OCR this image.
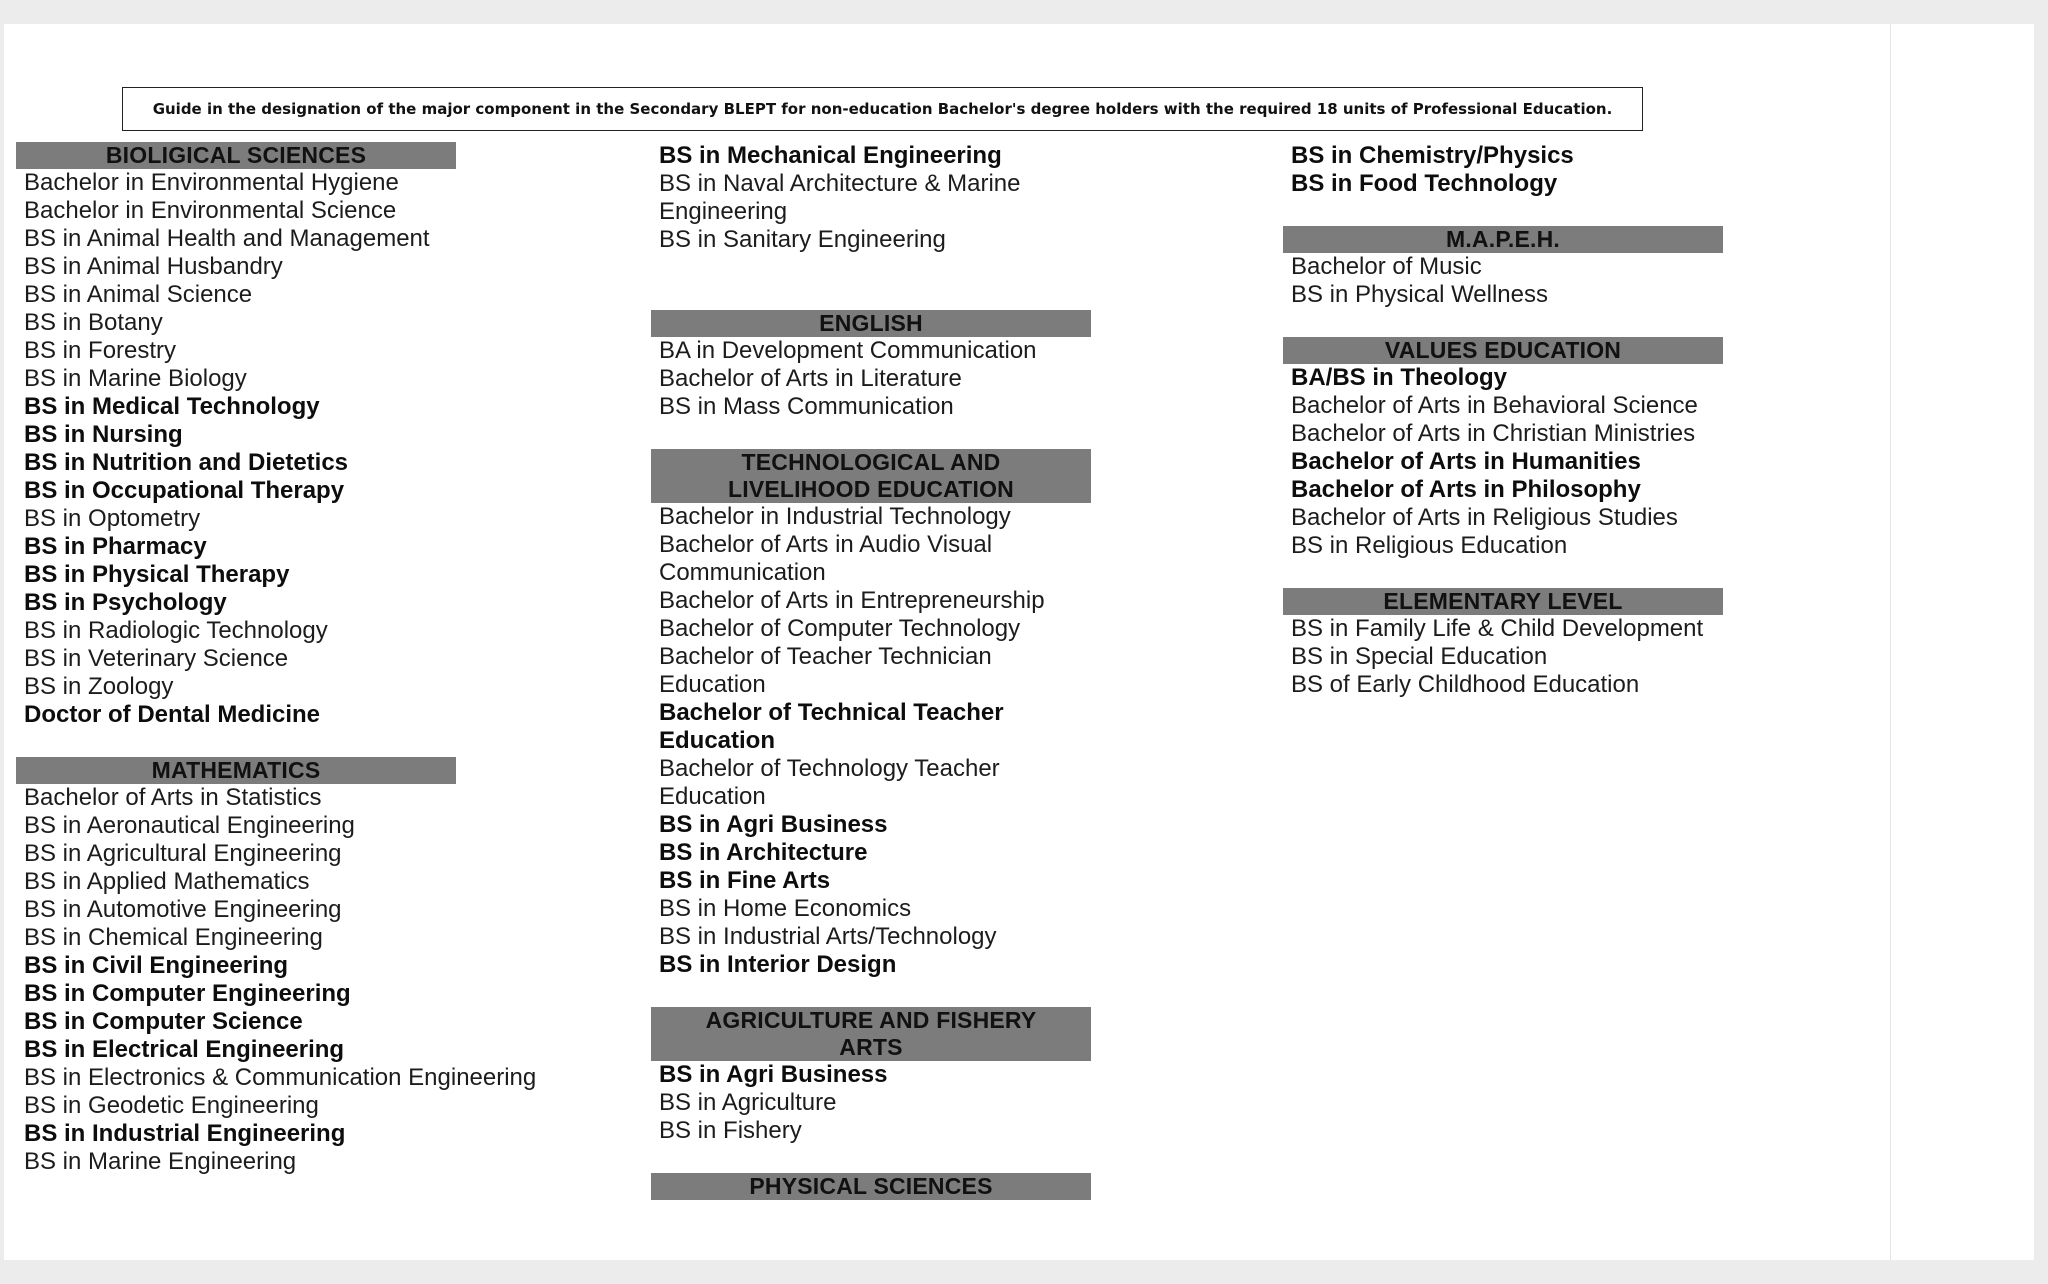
Guide in the designation of the major component in the Secondary BLEPT for non-education Bachelor's degree holders with the required 18 units of Professional Education.
BIOLIGICAL SCIENCES
Bachelor in Environmental Hygiene
Bachelor in Environmental Science
BS in Animal Health and Management
BS in Animal Husbandry
BS in Animal Science
BS in Botany
BS in Forestry
BS in Marine Biology
BS in Medical Technology
BS in Nursing
BS in Nutrition and Dietetics
BS in Occupational Therapy
BS in Optometry
BS in Pharmacy
BS in Physical Therapy
BS in Psychology
BS in Radiologic Technology
BS in Veterinary Science
BS in Zoology
Doctor of Dental Medicine
MATHEMATICS
Bachelor of Arts in Statistics
BS in Aeronautical Engineering
BS in Agricultural Engineering
BS in Applied Mathematics
BS in Automotive Engineering
BS in Chemical Engineering
BS in Civil Engineering
BS in Computer Engineering
BS in Computer Science
BS in Electrical Engineering
BS in Electronics & Communication Engineering
BS in Geodetic Engineering
BS in Industrial Engineering
BS in Marine Engineering
BS in Mechanical Engineering
BS in Naval Architecture & Marine Engineering
BS in Sanitary Engineering
ENGLISH
BA in Development Communication
Bachelor of Arts in Literature
BS in Mass Communication
TECHNOLOGICAL AND LIVELIHOOD EDUCATION
Bachelor in Industrial Technology
Bachelor of Arts in Audio Visual Communication
Bachelor of Arts in Entrepreneurship
Bachelor of Computer Technology
Bachelor of Teacher Technician Education
Bachelor of Technical Teacher Education
Bachelor of Technology Teacher Education
BS in Agri Business
BS in Architecture
BS in Fine Arts
BS in Home Economics
BS in Industrial Arts/Technology
BS in Interior Design
AGRICULTURE AND FISHERY ARTS
BS in Agri Business
BS in Agriculture
BS in Fishery
PHYSICAL SCIENCES
BS in Chemistry/Physics
BS in Food Technology
M.A.P.E.H.
Bachelor of Music
BS in Physical Wellness
VALUES EDUCATION
BA/BS in Theology
Bachelor of Arts in Behavioral Science
Bachelor of Arts in Christian Ministries
Bachelor of Arts in Humanities
Bachelor of Arts in Philosophy
Bachelor of Arts in Religious Studies
BS in Religious Education
ELEMENTARY LEVEL
BS in Family Life & Child Development
BS in Special Education
BS of Early Childhood Education
